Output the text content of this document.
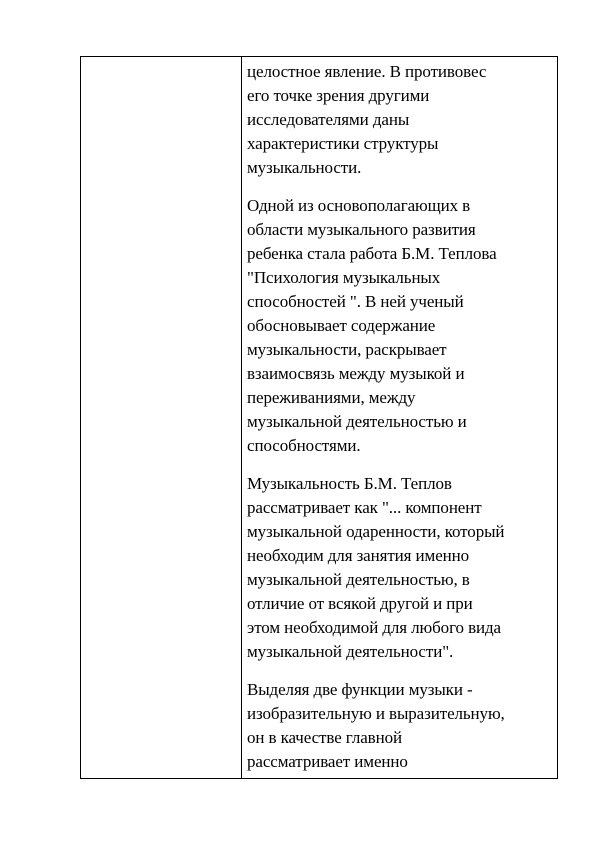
целостное явление. В противовес
его точке зрения другими
исследователями даны
характеристики структуры
музыкальности.

Одной из основополагающих в
области музыкального развития
ребенка стала работа Б.М. Теплова
"Психология музыкальных
способностей ". В ней ученый
обосновывает содержание
музыкальности, раскрывает
взаимосвязь между музыкой и
переживаниями, между
музыкальной деятельностью и
способностями.

Музыкальность Б.М. Теплов
рассматривает как "... компонент
музыкальной одаренности, который
необходим для занятия именно
музыкальной деятельностью, в
отличие от всякой другой и при
этом необходимой для любого вида
музыкальной деятельности".

Выделяя две функции музыки -
изобразительную и выразительную,
он в качестве главной
рассматривает именно
